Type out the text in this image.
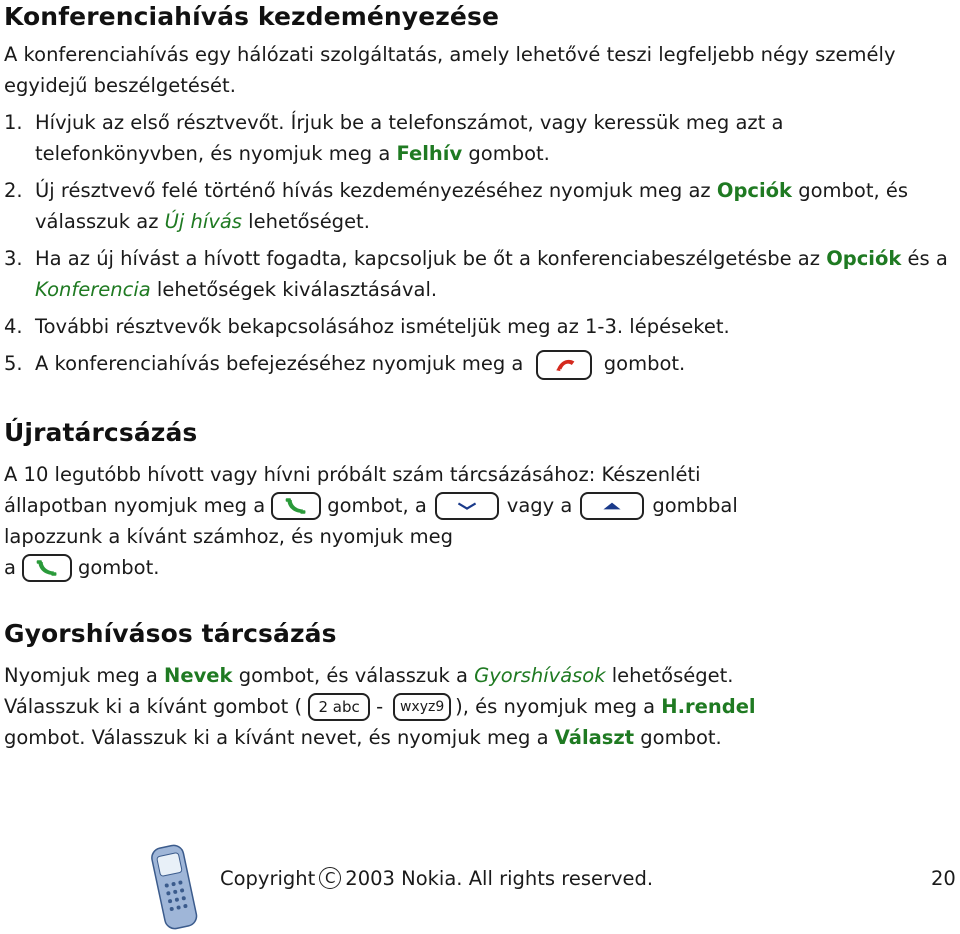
Konferenciahívás kezdeményezése

A konferenciahívás egy hálózati szolgáltatás, amely lehetővé teszi legfeljebb négy személy egyidejű beszélgetését.

1. Hívjuk az első résztvevőt. Írjuk be a telefonszámot, vagy keressük meg azt a telefonkönyvben, és nyomjuk meg a Felhív gombot.
2. Új résztvevő felé történő hívás kezdeményezéséhez nyomjuk meg az Opciók gombot, és válasszuk az Új hívás lehetőséget.
3. Ha az új hívást a hívott fogadta, kapcsoljuk be őt a konferenciabeszélgetésbe az Opciók és a Konferencia lehetőségek kiválasztásával.
4. További résztvevők bekapcsolásához ismételjük meg az 1-3. lépéseket.
5. A konferenciahívás befejezéséhez nyomjuk meg a	gombot.
Újratárcsázás

A 10 legutóbb hívott vagy hívni próbált szám tárcsázásához: Készenléti
állapotban nyomjuk meg a	gombot, a	vagy a	gombbal
lapozzunk a kívánt számhoz, és nyomjuk meg
a	gombot.

Gyorshívásos tárcsázás

Nyomjuk meg a Nevek gombot, és válasszuk a Gyorshívások lehetőséget.
Válasszuk ki a kívánt gombot ( 2 abc - wxyz9 ), és nyomjuk meg a H.rendel
gombot. Válasszuk ki a kívánt nevet, és nyomjuk meg a Választ gombot.

Copyright C 2003 Nokia. All rights reserved.	20
